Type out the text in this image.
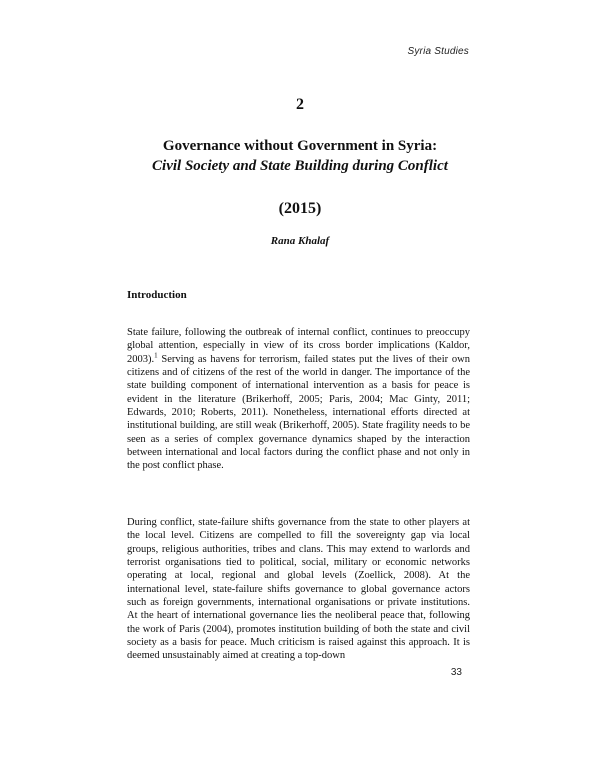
Syria Studies
2
Governance without Government in Syria:
Civil Society and State Building during Conflict
(2015)
Rana Khalaf
Introduction

State failure, following the outbreak of internal conflict, continues to preoccupy global attention, especially in view of its cross border implications (Kaldor, 2003).$^1$ Serving as havens for terrorism, failed states put the lives of their own citizens and of citizens of the rest of the world in danger. The importance of the state building component of international intervention as a basis for peace is evident in the literature (Brikerhoff, 2005; Paris, 2004; Mac Ginty, 2011; Edwards, 2010; Roberts, 2011). Nonetheless, international efforts directed at institutional building, are still weak (Brikerhoff, 2005). State fragility needs to be seen as a series of complex governance dynamics shaped by the interaction between international and local factors during the conflict phase and not only in the post conflict phase.

During conflict, state-failure shifts governance from the state to other players at the local level. Citizens are compelled to fill the sovereignty gap via local groups, religious authorities, tribes and clans. This may extend to warlords and terrorist organisations tied to political, social, military or economic networks operating at local, regional and global levels (Zoellick, 2008). At the international level, state-failure shifts governance to global governance actors such as foreign governments, international organisations or private institutions. At the heart of international governance lies the neoliberal peace that, following the work of Paris (2004), promotes institution building of both the state and civil society as a basis for peace. Much criticism is raised against this approach. It is deemed unsustainably aimed at creating a top-down

33
